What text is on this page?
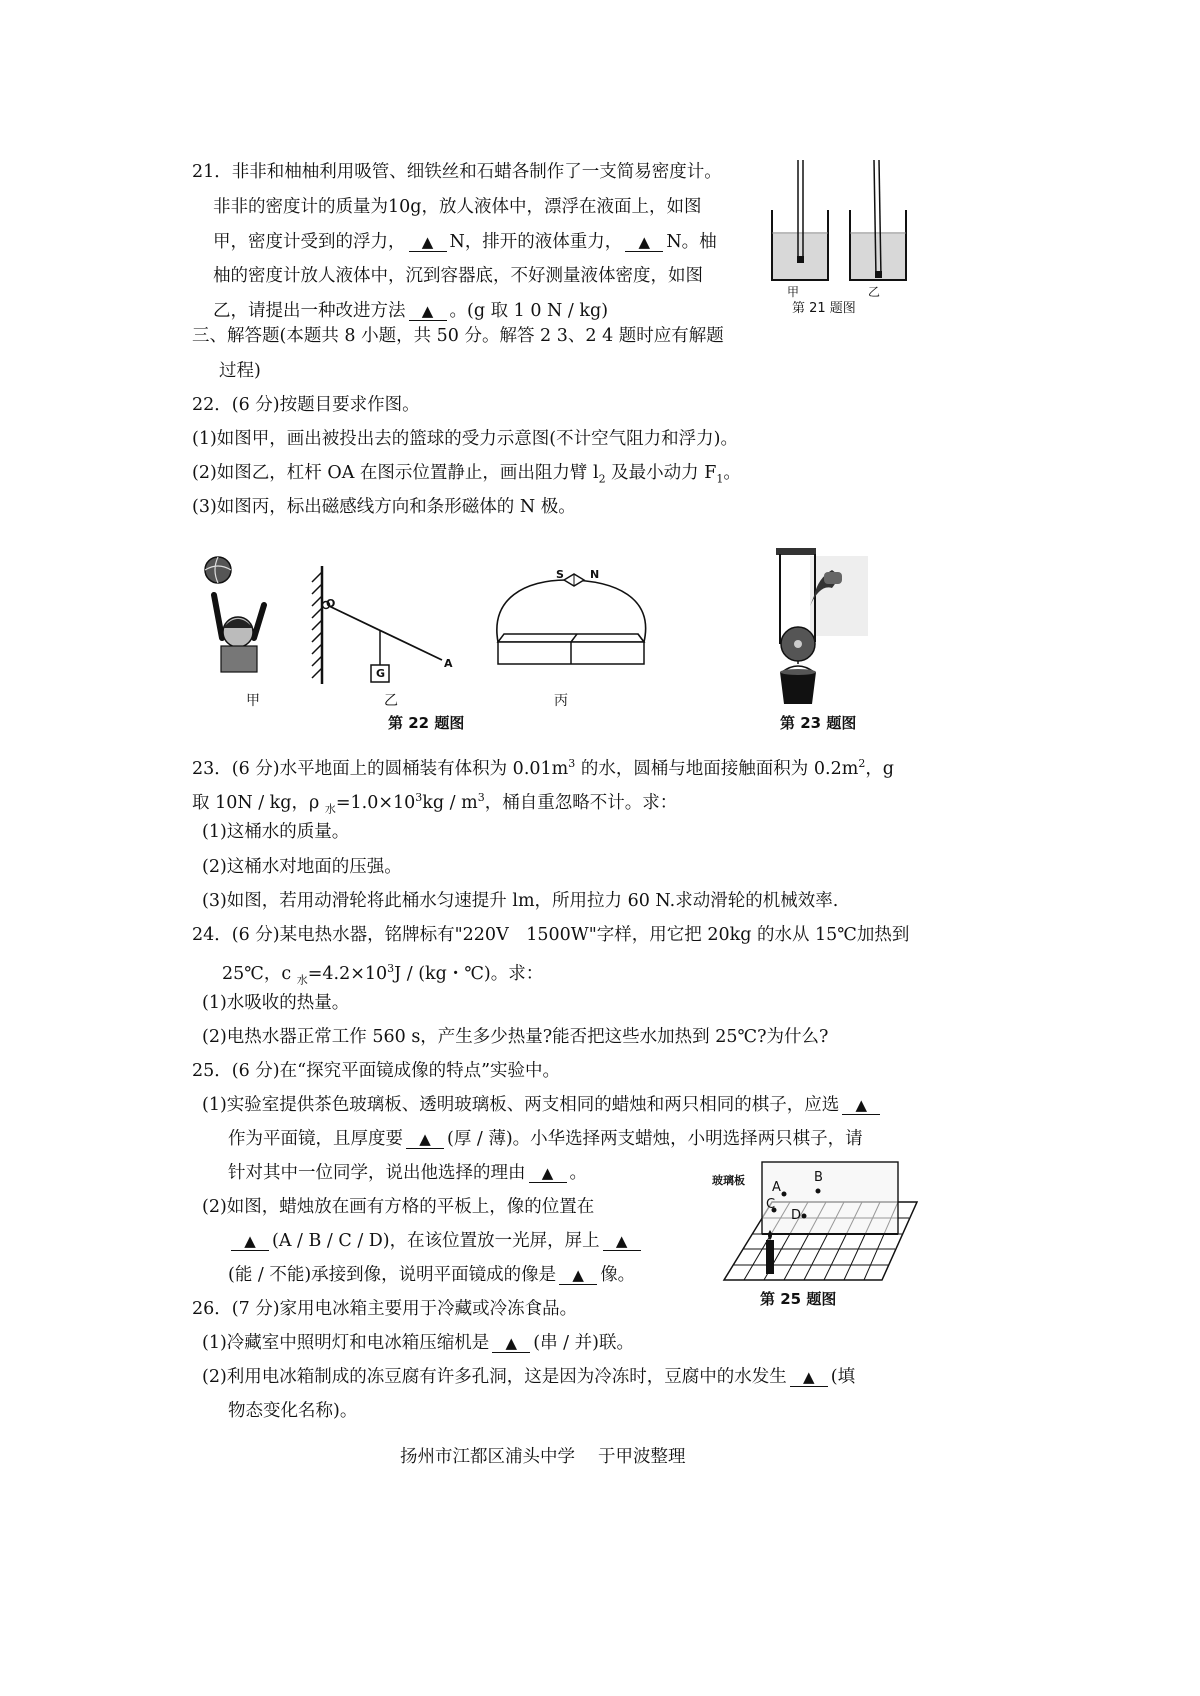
21．非非和柚柚利用吸管、细铁丝和石蜡各制作了一支简易密度计。
非非的密度计的质量为10g，放人液体中，漂浮在液面上，如图
甲，密度计受到的浮力， ▲ N，排开的液体重力， ▲ N。柚
柚的密度计放人液体中，沉到容器底，不好测量液体密度，如图
乙，请提出一种改进方法 ▲ 。(g 取 1 0 N / kg)
甲	乙
第 21 题图
三、解答题(本题共 8 小题，共 50 分。解答 2 3、2 4 题时应有解题
过程)
22．(6 分)按题目要求作图。
(1)如图甲，画出被投出去的篮球的受力示意图(不计空气阻力和浮力)。
(2)如图乙，杠杆 OA 在图示位置静止，画出阻力臂 $l_2$ 及最小动力 $F_1$。
(3)如图丙，标出磁感线方向和条形磁体的 N 极。
甲
O
G
A
乙
S N
丙
第 22 题图	第 23 题图
23．(6 分)水平地面上的圆桶装有体积为 $0.01m^3$ 的水，圆桶与地面接触面积为 $0.2m^2$，g
取 10N / kg，ρ $_水=1.0\times 10^3kg / m^3$，桶自重忽略不计。求：
(1)这桶水的质量。
(2)这桶水对地面的压强。
(3)如图，若用动滑轮将此桶水匀速提升 lm，所用拉力 60 N.求动滑轮的机械效率.
24．(6 分)某电热水器，铭牌标有"220V　1500W"字样，用它把 20kg 的水从 15℃加热到
25℃，c $_水=4.2\times 10^3J / (kg$・℃)。求：
(1)水吸收的热量。
(2)电热水器正常工作 560 s，产生多少热量?能否把这些水加热到 25℃?为什么?
25．(6 分)在“探究平面镜成像的特点”实验中。
(1)实验室提供茶色玻璃板、透明玻璃板、两支相同的蜡烛和两只相同的棋子，应选 ▲
作为平面镜，且厚度要 ▲ (厚 / 薄)。小华选择两支蜡烛，小明选择两只棋子，请
针对其中一位同学，说出他选择的理由 ▲ 。
(2)如图，蜡烛放在画有方格的平板上，像的位置在
▲ (A / B / C / D)，在该位置放一光屏，屏上 ▲
(能 / 不能)承接到像，说明平面镜成的像是 ▲ 像。
玻璃板 A
B
C
D
第 25 题图
26．(7 分)家用电冰箱主要用于冷藏或冷冻食品。
(1)冷藏室中照明灯和电冰箱压缩机是 ▲ (串 / 并)联。
(2)利用电冰箱制成的冻豆腐有许多孔洞，这是因为冷冻时，豆腐中的水发生 ▲ (填
物态变化名称)。
扬州市江都区浦头中学　 于甲波整理
